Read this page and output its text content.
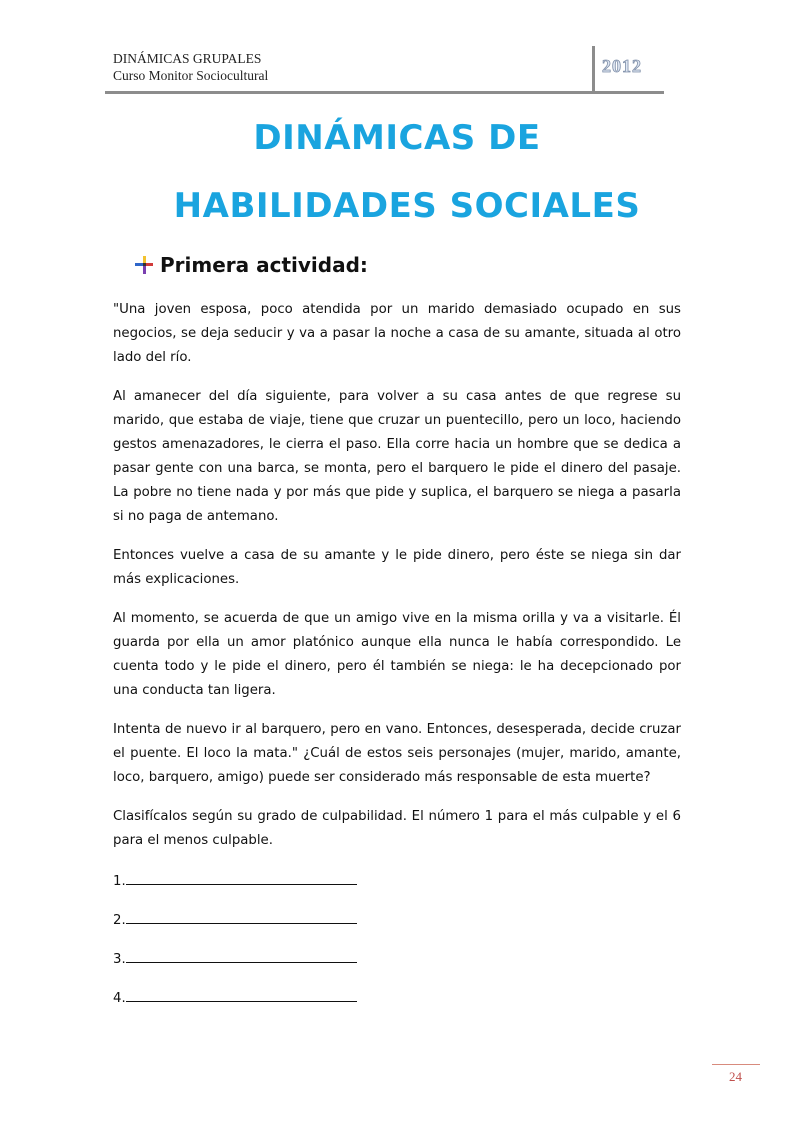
DINÁMICAS GRUPALES
Curso Monitor Sociocultural	2012
DINÁMICAS DE
HABILIDADES SOCIALES
Primera actividad:

"Una joven esposa, poco atendida por un marido demasiado ocupado en sus negocios, se deja seducir y va a pasar la noche a casa de su amante, situada al otro lado del río.

Al amanecer del día siguiente, para volver a su casa antes de que regrese su marido, que estaba de viaje, tiene que cruzar un puentecillo, pero un loco, haciendo gestos amenazadores, le cierra el paso. Ella corre hacia un hombre que se dedica a pasar gente con una barca, se monta, pero el barquero le pide el dinero del pasaje. La pobre no tiene nada y por más que pide y suplica, el barquero se niega a pasarla si no paga de antemano.

Entonces vuelve a casa de su amante y le pide dinero, pero éste se niega sin dar más explicaciones.

Al momento, se acuerda de que un amigo vive en la misma orilla y va a visitarle. Él guarda por ella un amor platónico aunque ella nunca le había correspondido. Le cuenta todo y le pide el dinero, pero él también se niega: le ha decepcionado por una conducta tan ligera.

Intenta de nuevo ir al barquero, pero en vano. Entonces, desesperada, decide cruzar el puente. El loco la mata." ¿Cuál de estos seis personajes (mujer, marido, amante, loco, barquero, amigo) puede ser considerado más responsable de esta muerte?

Clasifícalos según su grado de culpabilidad. El número 1 para el más culpable y el 6 para el menos culpable.

1.
2.
3.
4.
24
